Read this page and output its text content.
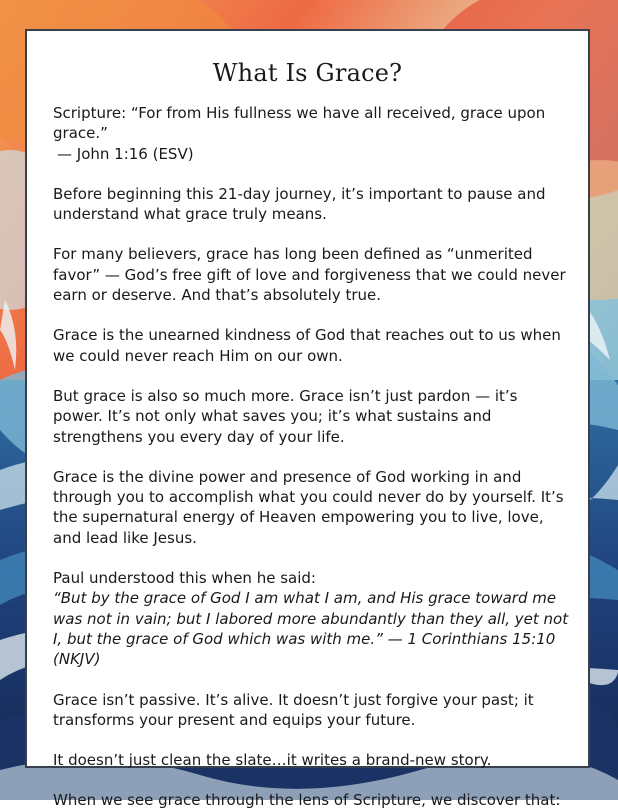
What Is Grace?

Scripture: “For from His fullness we have all received, grace upon grace.”
— John 1:16 (ESV)

Before beginning this 21-day journey, it’s important to pause and understand what grace truly means.

For many believers, grace has long been defined as “unmerited favor” — God’s free gift of love and forgiveness that we could never earn or deserve. And that’s absolutely true.

Grace is the unearned kindness of God that reaches out to us when we could never reach Him on our own.

But grace is also so much more. Grace isn’t just pardon — it’s power. It’s not only what saves you; it’s what sustains and strengthens you every day of your life.

Grace is the divine power and presence of God working in and through you to accomplish what you could never do by yourself. It’s the supernatural energy of Heaven empowering you to live, love, and lead like Jesus.

Paul understood this when he said:
“But by the grace of God I am what I am, and His grace toward me was not in vain; but I labored more abundantly than they all, yet not I, but the grace of God which was with me.” — 1 Corinthians 15:10 (NKJV)

Grace isn’t passive. It’s alive. It doesn’t just forgive your past; it transforms your present and equips your future.

It doesn’t just clean the slate…it writes a brand-new story.

When we see grace through the lens of Scripture, we discover that:
